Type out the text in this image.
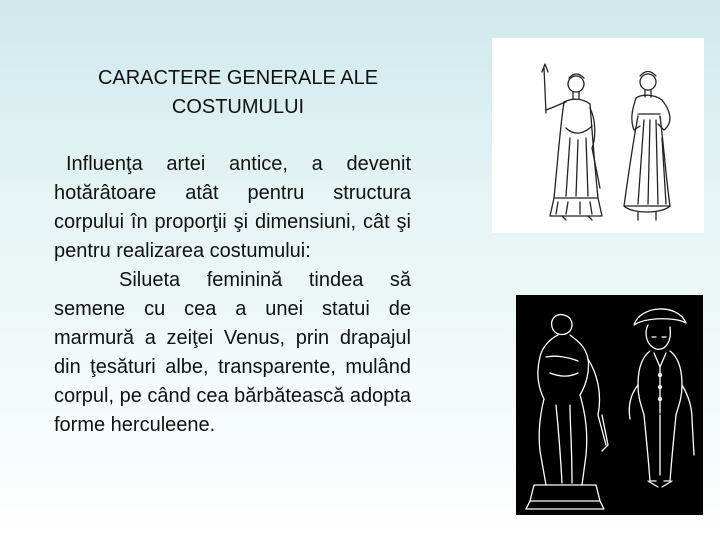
CARACTERE GENERALE ALE
COSTUMULUI

Influenţa artei antice, a devenit hotărâtoare atât pentru structura corpului în proporţii şi dimensiuni, cât şi pentru realizarea costumului:

Silueta feminină tindea să semene cu cea a unei statui de marmură a zeiţei Venus, prin drapajul din ţesături albe, transparente, mulând corpul, pe când cea bărbătească adopta forme herculeene.
